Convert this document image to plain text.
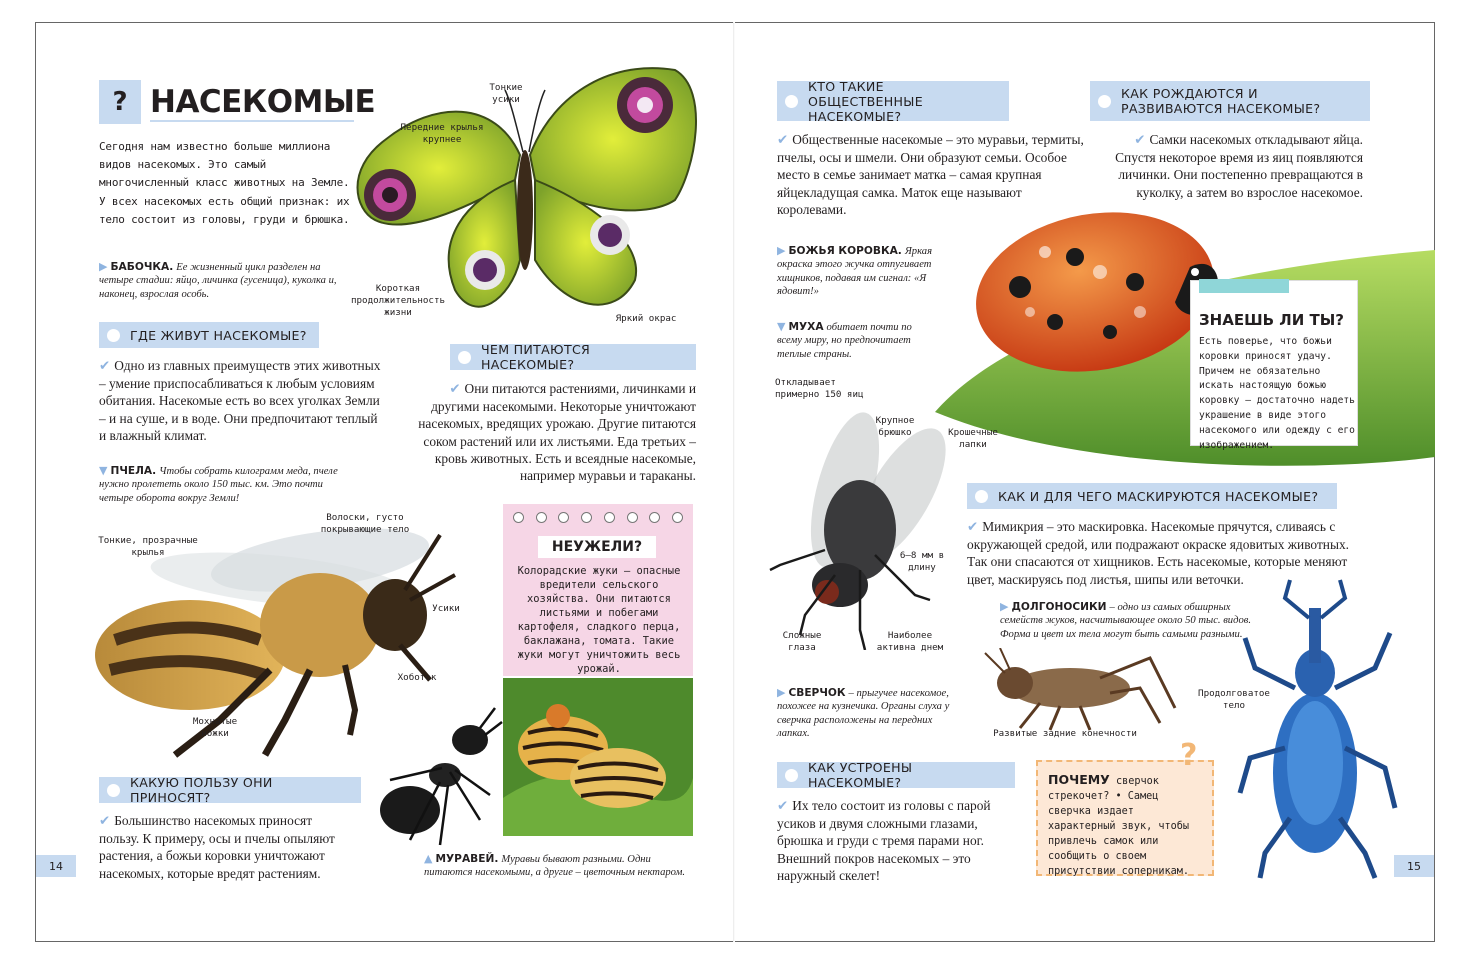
? НАСЕКОМЫЕ
Сегодня нам известно больше миллиона видов насекомых. Это самый многочисленный класс животных на Земле. У всех насекомых есть общий признак: их тело состоит из головы, груди и брюшка.
Тонкие усики
Передние крылья крупнее
Короткая продолжительность жизни
Яркий окрас
▶ БАБОЧКА. Ее жизненный цикл разделен на четыре стадии: яйцо, личинка (гусеница), куколка и, наконец, взрослая особь.
ГДЕ ЖИВУТ НАСЕКОМЫЕ?
✔ Одно из главных преимуществ этих животных – умение приспосабливаться к любым условиям обитания. Насекомые есть во всех уголках Земли – и на суше, и в воде. Они предпочитают теплый и влажный климат.
ЧЕМ ПИТАЮТСЯ НАСЕКОМЫЕ?
✔ Они питаются растениями, личинками и другими насекомыми. Некоторые уничтожают насекомых, вредящих урожаю. Другие питаются соком растений или их листьями. Еда третьих – кровь животных. Есть и всеядные насекомые, например муравьи и тараканы.
▼ ПЧЕЛА. Чтобы собрать килограмм меда, пчеле нужно пролететь около 150 тыс. км. Это почти четыре оборота вокруг Земли!
Тонкие, прозрачные крылья
Волоски, густо покрывающие тело
Усики
Хоботок
Мохнатые ножки
НЕУЖЕЛИ?
Колорадские жуки – опасные вредители сельского хозяйства. Они питаются листьями и побегами картофеля, сладкого перца, баклажана, томата. Такие жуки могут уничтожить весь урожай.
КАКУЮ ПОЛЬЗУ ОНИ ПРИНОСЯТ?
✔ Большинство насекомых приносят пользу. К примеру, осы и пчелы опыляют растения, а божьи коровки уничтожают насекомых, которые вредят растениям.
▲ МУРАВЕЙ. Муравьи бывают разными. Одни питаются насекомыми, а другие – цветочным нектаром.
14
КТО ТАКИЕ ОБЩЕСТВЕННЫЕ НАСЕКОМЫЕ?
✔ Общественные насекомые – это муравьи, термиты, пчелы, осы и шмели. Они образуют семьи. Особое место в семье занимает матка – самая крупная яйцекладущая самка. Маток еще называют королевами.
КАК РОЖДАЮТСЯ И РАЗВИВАЮТСЯ НАСЕКОМЫЕ?
✔ Самки насекомых откладывают яйца. Спустя некоторое время из яиц появляются личинки. Они постепенно превращаются в куколку, а затем во взрослое насекомое.
▶ БОЖЬЯ КОРОВКА. Яркая окраска этого жучка отпугивает хищников, подавая им сигнал: «Я ядовит!»
▼ МУХА обитает почти по всему миру, но предпочитает теплые страны.
ЗНАЕШЬ ЛИ ТЫ?
Есть поверье, что божьи коровки приносят удачу. Причем не обязательно искать настоящую божью коровку – достаточно надеть украшение в виде этого насекомого или одежду с его изображением.
Откладывает примерно 150 яиц
Крупное брюшко	Крошечные лапки
6–8 мм в длину
Сложные глаза
Наиболее активна днем
КАК И ДЛЯ ЧЕГО МАСКИРУЮТСЯ НАСЕКОМЫЕ?
✔ Мимикрия – это маскировка. Насекомые прячутся, сливаясь с окружающей средой, или подражают окраске ядовитых животных. Так они спасаются от хищников. Есть насекомые, которые меняют цвет, маскируясь под листья, шипы или веточки.
▶ ДОЛГОНОСИКИ – одно из самых обширных семейств жуков, насчитывающее около 50 тыс. видов. Форма и цвет их тела могут быть самыми разными.
Продолговатое тело
Развитые задние конечности
▶ СВЕРЧОК – прыгучее насекомое, похожее на кузнечика. Органы слуха у сверчка расположены на передних лапках.
КАК УСТРОЕНЫ НАСЕКОМЫЕ?
✔ Их тело состоит из головы с парой усиков и двумя сложными глазами, брюшка и груди с тремя парами ног. Внешний покров насекомых – это наружный скелет!
ПОЧЕМУ сверчок стрекочет? • Самец сверчка издает характерный звук, чтобы привлечь самок или сообщить о своем присутствии соперникам.
?
15
